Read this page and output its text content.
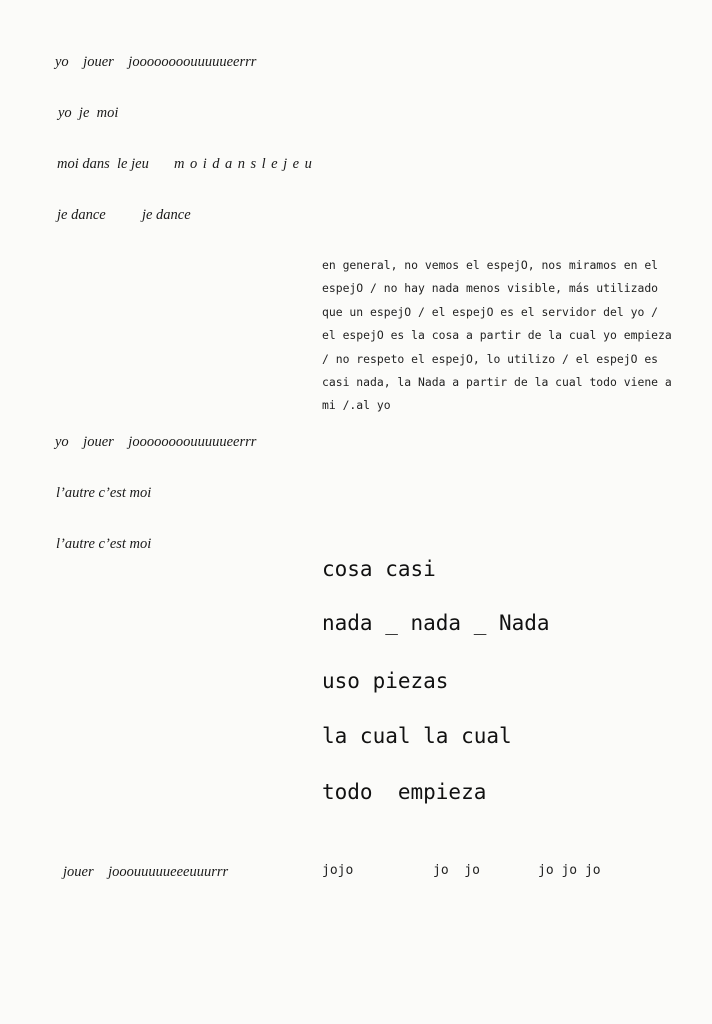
yo    jouer    joooooooouuuuueerrr
yo  je  moi
moi dans  le jeu moidanslejeu
je dance          je dance
en general, no vemos el espejO, nos miramos en el
espejO / no hay nada menos visible, más utilizado
que un espejO / el espejO es el servidor del yo /
el espejO es la cosa a partir de la cual yo empieza
/ no respeto el espejO, lo utilizo / el espejO es
casi nada, la Nada a partir de la cual todo viene a
mi /.al yo
yo    jouer    joooooooouuuuueerrr
l’autre c’est moi
l’autre c’est moi
cosa casi
nada _ nada _ Nada
uso piezas
la cual la cual
todo  empieza
jouer    jooouuuuueeeuuurrr	jojo	jo  jo	jo jo jo
